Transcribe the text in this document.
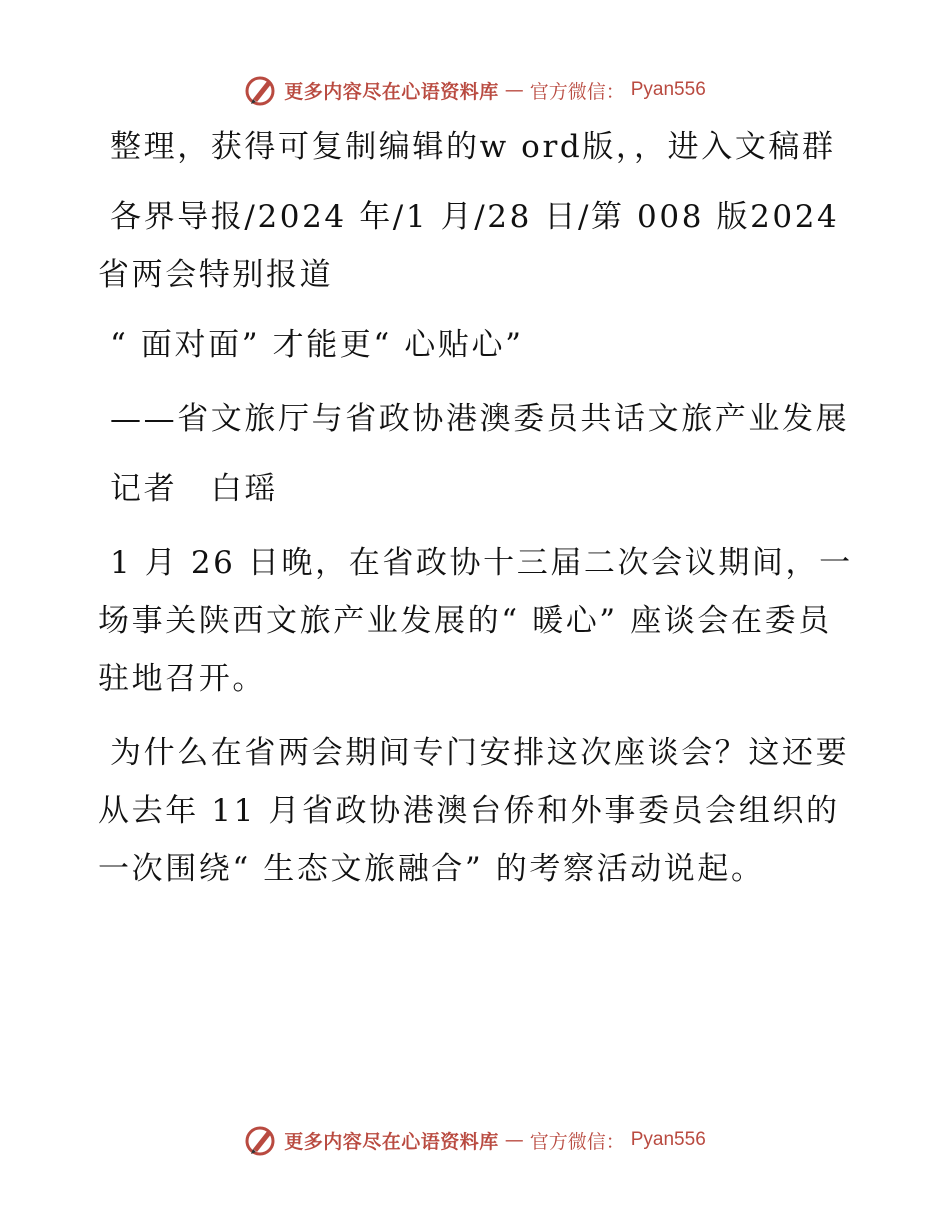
更多内容尽在心语资料库 — 官方微信： Pyan556

整理，获得可复制编辑的w ord版，，进入文稿群

各界导报/2024 年/1 月/28 日/第 008 版2024省两会特别报道

“ 面对面” 才能更“ 心贴心”

——省文旅厅与省政协港澳委员共话文旅产业发展

记者　白瑶

1 月 26 日晚，在省政协十三届二次会议期间，一场事关陕西文旅产业发展的“ 暖心” 座谈会在委员驻地召开。

为什么在省两会期间专门安排这次座谈会？这还要从去年 11 月省政协港澳台侨和外事委员会组织的一次围绕“ 生态文旅融合” 的考察活动说起。

更多内容尽在心语资料库 — 官方微信： Pyan556
